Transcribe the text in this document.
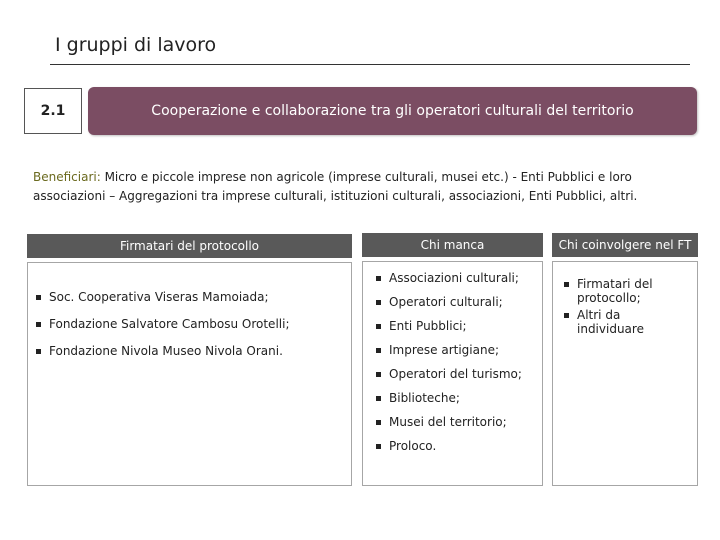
I gruppi di lavoro
2.1	Cooperazione e collaborazione tra gli operatori culturali del territorio
Beneficiari: Micro e piccole imprese non agricole (imprese culturali, musei etc.) - Enti Pubblici e loro associazioni – Aggregazioni tra imprese culturali, istituzioni culturali, associazioni, Enti Pubblici, altri.
Firmatari del protocollo
Soc. Cooperativa Viseras Mamoiada;
Fondazione Salvatore Cambosu Orotelli;
Fondazione Nivola Museo Nivola Orani.
Chi manca
Associazioni culturali;
Operatori culturali;
Enti Pubblici;
Imprese artigiane;
Operatori del turismo;
Biblioteche;
Musei del territorio;
Proloco.
Chi coinvolgere nel FT
Firmatari del protocollo;
Altri da individuare
